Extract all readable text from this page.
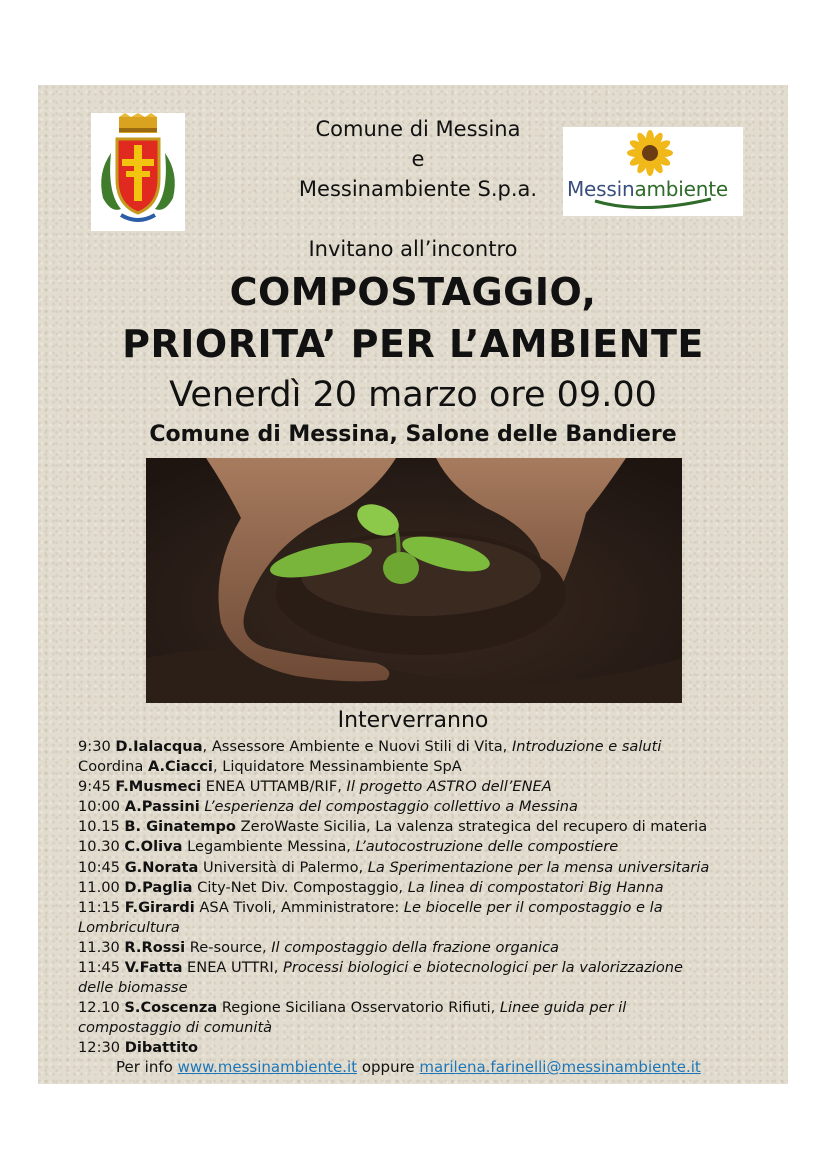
Comune di Messina
e
Messinambiente S.p.a.	Messinambiente
Invitano all’incontro
COMPOSTAGGIO,
PRIORITA’ PER L’AMBIENTE
Venerdì 20 marzo ore 09.00
Comune di Messina, Salone delle Bandiere
Interverranno
9:30 D.Ialacqua, Assessore Ambiente e Nuovi Stili di Vita, Introduzione e saluti
Coordina A.Ciacci, Liquidatore Messinambiente SpA
9:45 F.Musmeci ENEA UTTAMB/RIF, Il progetto ASTRO dell’ENEA
10:00 A.Passini L’esperienza del compostaggio collettivo a Messina
10.15 B. Ginatempo ZeroWaste Sicilia, La valenza strategica del recupero di materia
10.30 C.Oliva Legambiente Messina, L’autocostruzione delle compostiere
10:45 G.Norata Università di Palermo, La Sperimentazione per la mensa universitaria
11.00 D.Paglia City-Net Div. Compostaggio, La linea di compostatori Big Hanna
11:15 F.Girardi ASA Tivoli, Amministratore: Le biocelle per il compostaggio e la
Lombricultura
11.30 R.Rossi Re-source, Il compostaggio della frazione organica
11:45 V.Fatta ENEA UTTRI, Processi biologici e biotecnologici per la valorizzazione
delle biomasse
12.10 S.Coscenza Regione Siciliana Osservatorio Rifiuti, Linee guida per il
compostaggio di comunità
12:30 Dibattito
Per info www.messinambiente.it oppure marilena.farinelli@messinambiente.it
